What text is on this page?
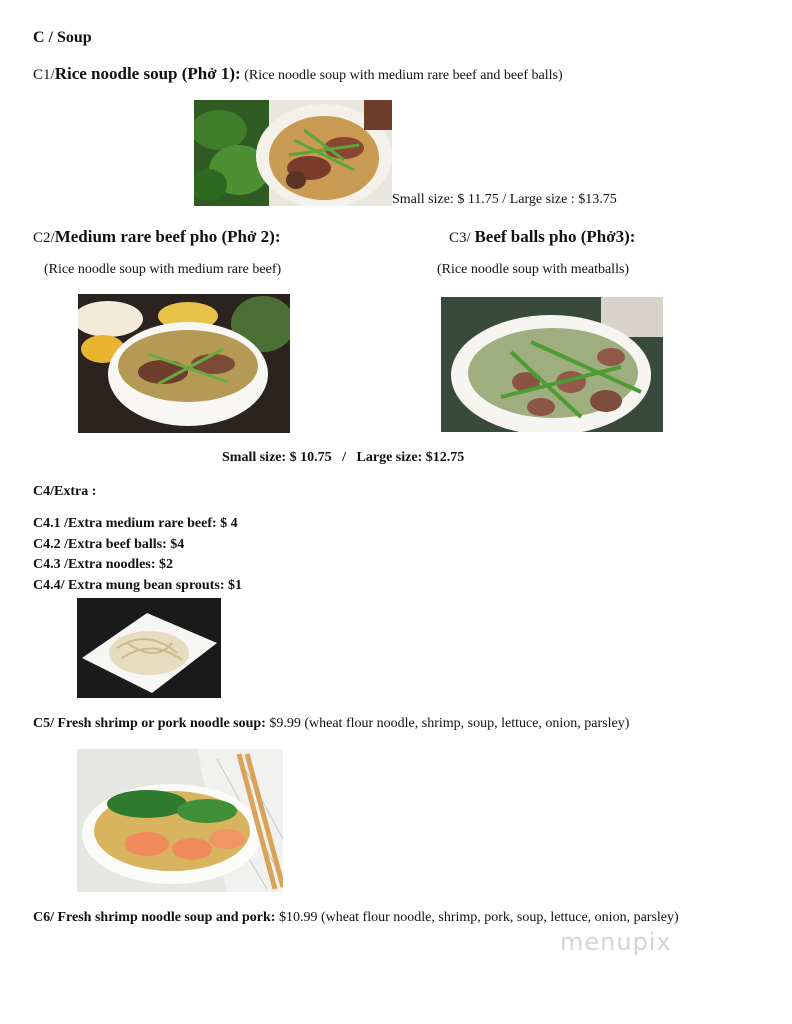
C / Soup
C1/Rice noodle soup (Phở 1): (Rice noodle soup with medium rare beef and beef balls)
Small size: $ 11.75 / Large size : $13.75
C2/Medium rare beef pho (Phở 2):
(Rice noodle soup with medium rare beef)
C3/ Beef balls pho (Phở3):
(Rice noodle soup with meatballs)
Small size: $ 10.75   /   Large size: $12.75
C4/Extra :
C4.1 /Extra medium rare beef: $ 4
C4.2 /Extra beef balls: $4
C4.3 /Extra noodles: $2
C4.4/ Extra mung bean sprouts: $1
C5/ Fresh shrimp or pork noodle soup: $9.99 (wheat flour noodle, shrimp, soup, lettuce, onion, parsley)
C6/ Fresh shrimp noodle soup and pork: $10.99 (wheat flour noodle, shrimp, pork, soup, lettuce, onion, parsley)
menupix
